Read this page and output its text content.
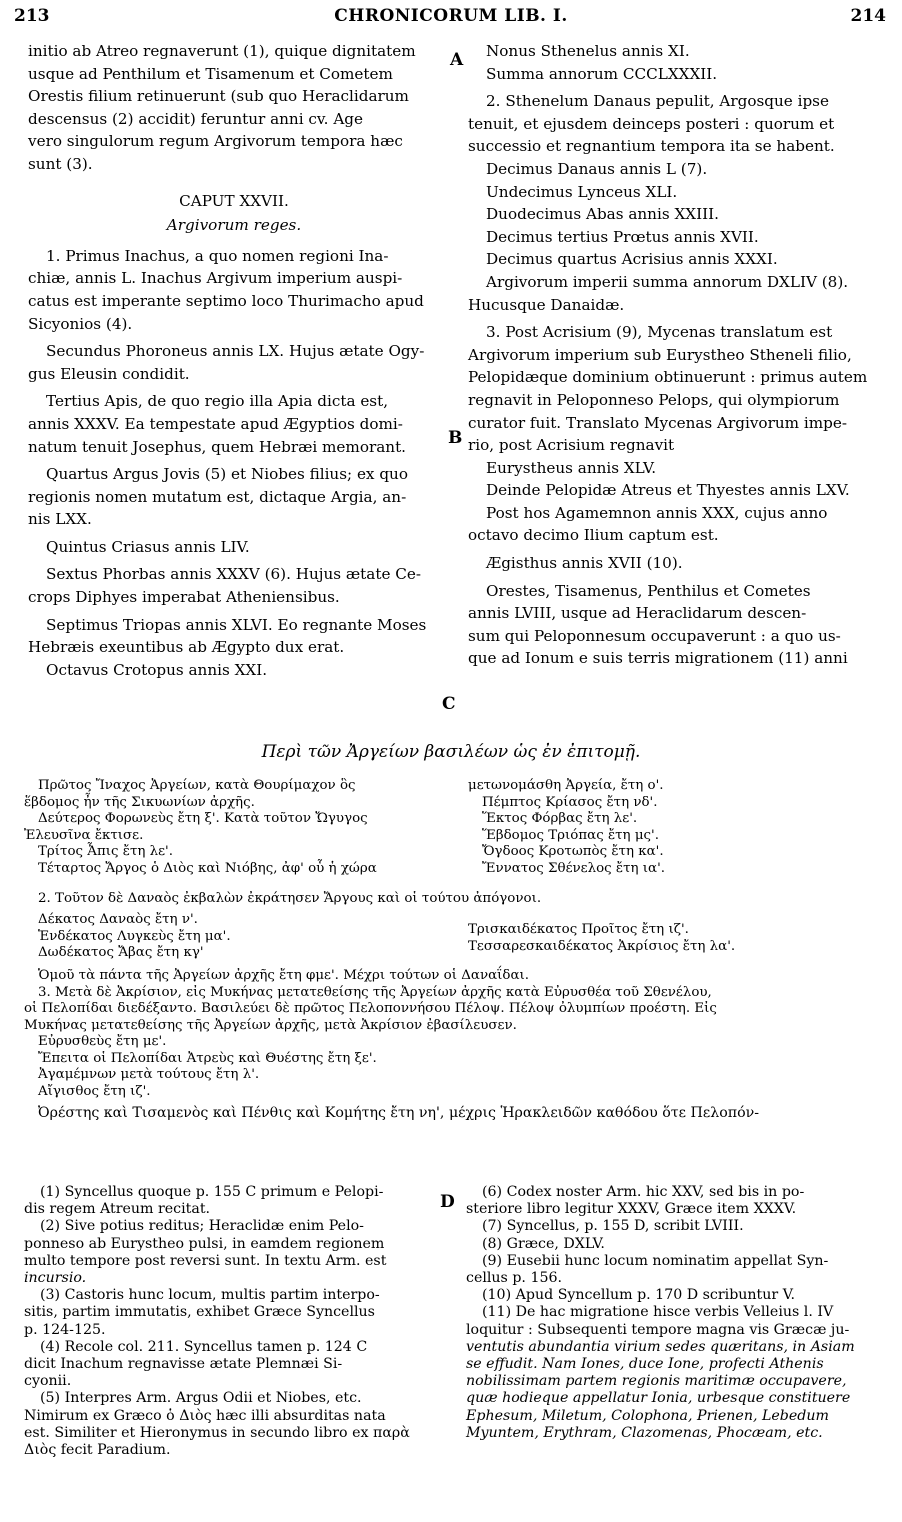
213	CHRONICORUM LIB. I.	214
A
B
C
D

initio ab Atreo regnaverunt (1), quique dignitatem

usque ad Penthilum et Tisamenum et Cometem

Orestis filium retinuerunt (sub quo Heraclidarum

descensus (2) accidit) feruntur anni cv. Age

vero singulorum regum Argivorum tempora hæc

sunt (3).

CAPUT XXVII.

Argivorum reges.

1. Primus Inachus, a quo nomen regioni Ina-

chiæ, annis L. Inachus Argivum imperium auspi-

catus est imperante septimo loco Thurimacho apud

Sicyonios (4).

Secundus Phoroneus annis LX. Hujus ætate Ogy-

gus Eleusin condidit.

Tertius Apis, de quo regio illa Apia dicta est,

annis XXXV. Ea tempestate apud Ægyptios domi-

natum tenuit Josephus, quem Hebræi memorant.

Quartus Argus Jovis (5) et Niobes filius; ex quo

regionis nomen mutatum est, dictaque Argia, an-

nis LXX.

Quintus Criasus annis LIV.

Sextus Phorbas annis XXXV (6). Hujus ætate Ce-

crops Diphyes imperabat Atheniensibus.

Septimus Triopas annis XLVI. Eo regnante Moses

Hebræis exeuntibus ab Ægypto dux erat.

Octavus Crotopus annis XXI.

Nonus Sthenelus annis XI.

Summa annorum CCCLXXXII.

2. Sthenelum Danaus pepulit, Argosque ipse

tenuit, et ejusdem deinceps posteri : quorum et

successio et regnantium tempora ita se habent.

Decimus Danaus annis L (7).

Undecimus Lynceus XLI.

Duodecimus Abas annis XXIII.

Decimus tertius Prœtus annis XVII.

Decimus quartus Acrisius annis XXXI.

Argivorum imperii summa annorum DXLIV (8).

Hucusque Danaidæ.

3. Post Acrisium (9), Mycenas translatum est

Argivorum imperium sub Eurystheo Stheneli filio,

Pelopidæque dominium obtinuerunt : primus autem

regnavit in Peloponneso Pelops, qui olympiorum

curator fuit. Translato Mycenas Argivorum impe-

rio, post Acrisium regnavit

Eurystheus annis XLV.

Deinde Pelopidæ Atreus et Thyestes annis LXV.

Post hos Agamemnon annis XXX, cujus anno

octavo decimo Ilium captum est.

Ægisthus annis XVII (10).

Orestes, Tisamenus, Penthilus et Cometes

annis LVIII, usque ad Heraclidarum descen-

sum qui Peloponnesum occupaverunt : a quo us-

que ad Ionum e suis terris migrationem (11) anni

Περὶ τῶν Ἀργείων βασιλέων ὡς ἐν ἐπιτομῇ.

Πρῶτος Ἴναχος Ἀργείων, κατὰ Θουρίμαχον ὃς

ἕβδομος ἦν τῆς Σικυωνίων ἀρχῆς.

Δεύτερος Φορωνεὺς ἔτη ξ'. Κατὰ τοῦτον Ὤγυγος

Ἐλευσῖνα ἔκτισε.

Τρίτος Ἆπις ἔτη λε'.

Τέταρτος Ἄργος ὁ Διὸς καὶ Νιόβης, ἀφ' οὗ ἡ χώρα

μετωνομάσθη Ἀργεία, ἔτη ο'.

Πέμπτος Κρίασος ἔτη νδ'.

Ἕκτος Φόρβας ἔτη λε'.

Ἕβδομος Τριόπας ἔτη μς'.

Ὄγδοος Κροτωπὸς ἔτη κα'.

Ἔννατος Σθένελος ἔτη ια'.

2. Τοῦτον δὲ Δαναὸς ἐκβαλὼν ἐκράτησεν Ἄργους καὶ οἱ τούτου ἀπόγονοι.

Δέκατος Δαναὸς ἔτη ν'.

Ἑνδέκατος Λυγκεὺς ἔτη μα'.

Δωδέκατος Ἄβας ἔτη κγ'

Τρισκαιδέκατος Προῖτος ἔτη ιζ'.

Τεσσαρεσκαιδέκατος Ἀκρίσιος ἔτη λα'.

Ὁμοῦ τὰ πάντα τῆς Ἀργείων ἀρχῆς ἔτη φμε'. Μέχρι τούτων οἱ Δαναΐδαι.

3. Μετὰ δὲ Ἀκρίσιον, εἰς Μυκήνας μετατεθείσης τῆς Ἀργείων ἀρχῆς κατὰ Εὐρυσθέα τοῦ Σθενέλου,

οἱ Πελοπίδαι διεδέξαντο. Βασιλεύει δὲ πρῶτος Πελοποννήσου Πέλοψ. Πέλοψ ὀλυμπίων προέστη. Εἰς

Μυκήνας μετατεθείσης τῆς Ἀργείων ἀρχῆς, μετὰ Ἀκρίσιον ἐβασίλευσεν.

Εὐρυσθεὺς ἔτη με'.

Ἔπειτα οἱ Πελοπίδαι Ἀτρεὺς καὶ Θυέστης ἔτη ξε'.

Ἀγαμέμνων μετὰ τούτους ἔτη λ'.

Αἴγισθος ἔτη ιζ'.

Ὀρέστης καὶ Τισαμενὸς καὶ Πένθις καὶ Κομήτης ἔτη νη', μέχρις Ἡρακλειδῶν καθόδου ὅτε Πελοπόν-

(1) Syncellus quoque p. 155 C primum e Pelopi-

dis regem Atreum recitat.

(2) Sive potius reditus; Heraclidæ enim Pelo-

ponneso ab Eurystheo pulsi, in eamdem regionem

multo tempore post reversi sunt. In textu Arm. est

incursio.

(3) Castoris hunc locum, multis partim interpo-

sitis, partim immutatis, exhibet Græce Syncellus

p. 124-125.

(4) Recole col. 211. Syncellus tamen p. 124 C

dicit Inachum regnavisse ætate Plemnæi Si-

cyonii.

(5) Interpres Arm. Argus Odii et Niobes, etc.

Nimirum ex Græco ὁ Διὸς hæc illi absurditas nata

est. Similiter et Hieronymus in secundo libro ex παρὰ

Διὸς fecit Paradium.

(6) Codex noster Arm. hic XXV, sed bis in po-

steriore libro legitur XXXV, Græce item XXXV.

(7) Syncellus, p. 155 D, scribit LVIII.

(8) Græce, DXLV.

(9) Eusebii hunc locum nominatim appellat Syn-

cellus p. 156.

(10) Apud Syncellum p. 170 D scribuntur V.

(11) De hac migratione hisce verbis Velleius l. IV

loquitur : Subsequenti tempore magna vis Græcæ ju-

ventutis abundantia virium sedes quæritans, in Asiam

se effudit. Nam Iones, duce Ione, profecti Athenis

nobilissimam partem regionis maritimæ occupavere,

quæ hodieque appellatur Ionia, urbesque constituere

Ephesum, Miletum, Colophona, Prienen, Lebedum

Myuntem, Erythram, Clazomenas, Phocæam, etc.
